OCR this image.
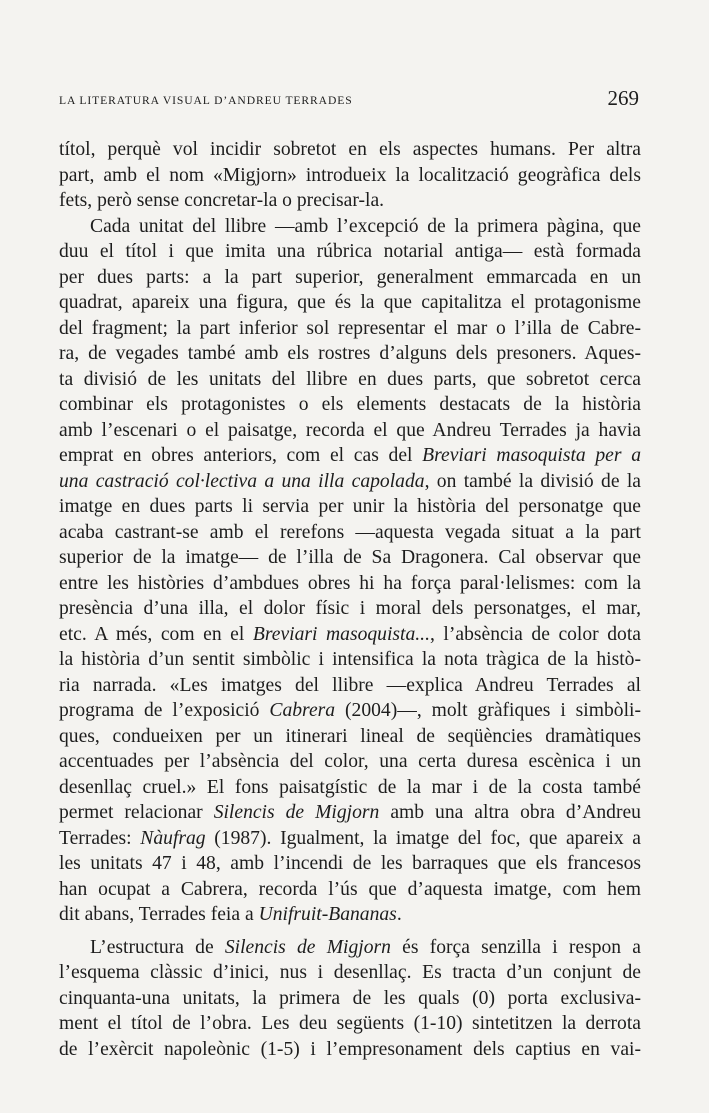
LA LITERATURA VISUAL D’ANDREU TERRADES	269
títol, perquè vol incidir sobretot en els aspectes humans. Per altra
part, amb el nom «Migjorn» introdueix la localització geogràfica dels
fets, però sense concretar-la o precisar-la.
Cada unitat del llibre —amb l’excepció de la primera pàgina, que
duu el títol i que imita una rúbrica notarial antiga— està formada
per dues parts: a la part superior, generalment emmarcada en un
quadrat, apareix una figura, que és la que capitalitza el protagonisme
del fragment; la part inferior sol representar el mar o l’illa de Cabre-
ra, de vegades també amb els rostres d’alguns dels presoners. Aques-
ta divisió de les unitats del llibre en dues parts, que sobretot cerca
combinar els protagonistes o els elements destacats de la història
amb l’escenari o el paisatge, recorda el que Andreu Terrades ja havia
emprat en obres anteriors, com el cas del Breviari masoquista per a
una castració col·lectiva a una illa capolada, on també la divisió de la
imatge en dues parts li servia per unir la història del personatge que
acaba castrant-se amb el rerefons —aquesta vegada situat a la part
superior de la imatge— de l’illa de Sa Dragonera. Cal observar que
entre les històries d’ambdues obres hi ha força paral·lelismes: com la
presència d’una illa, el dolor físic i moral dels personatges, el mar,
etc. A més, com en el Breviari masoquista..., l’absència de color dota
la història d’un sentit simbòlic i intensifica la nota tràgica de la histò-
ria narrada. «Les imatges del llibre —explica Andreu Terrades al
programa de l’exposició Cabrera (2004)—, molt gràfiques i simbòli-
ques, condueixen per un itinerari lineal de seqüències dramàtiques
accentuades per l’absència del color, una certa duresa escènica i un
desenllaç cruel.» El fons paisatgístic de la mar i de la costa també
permet relacionar Silencis de Migjorn amb una altra obra d’Andreu
Terrades: Nàufrag (1987). Igualment, la imatge del foc, que apareix a
les unitats 47 i 48, amb l’incendi de les barraques que els francesos
han ocupat a Cabrera, recorda l’ús que d’aquesta imatge, com hem
dit abans, Terrades feia a Unifruit-Bananas.
L’estructura de Silencis de Migjorn és força senzilla i respon a
l’esquema clàssic d’inici, nus i desenllaç. Es tracta d’un conjunt de
cinquanta-una unitats, la primera de les quals (0) porta exclusiva-
ment el títol de l’obra. Les deu següents (1-10) sintetitzen la derrota
de l’exèrcit napoleònic (1-5) i l’empresonament dels captius en vai-
